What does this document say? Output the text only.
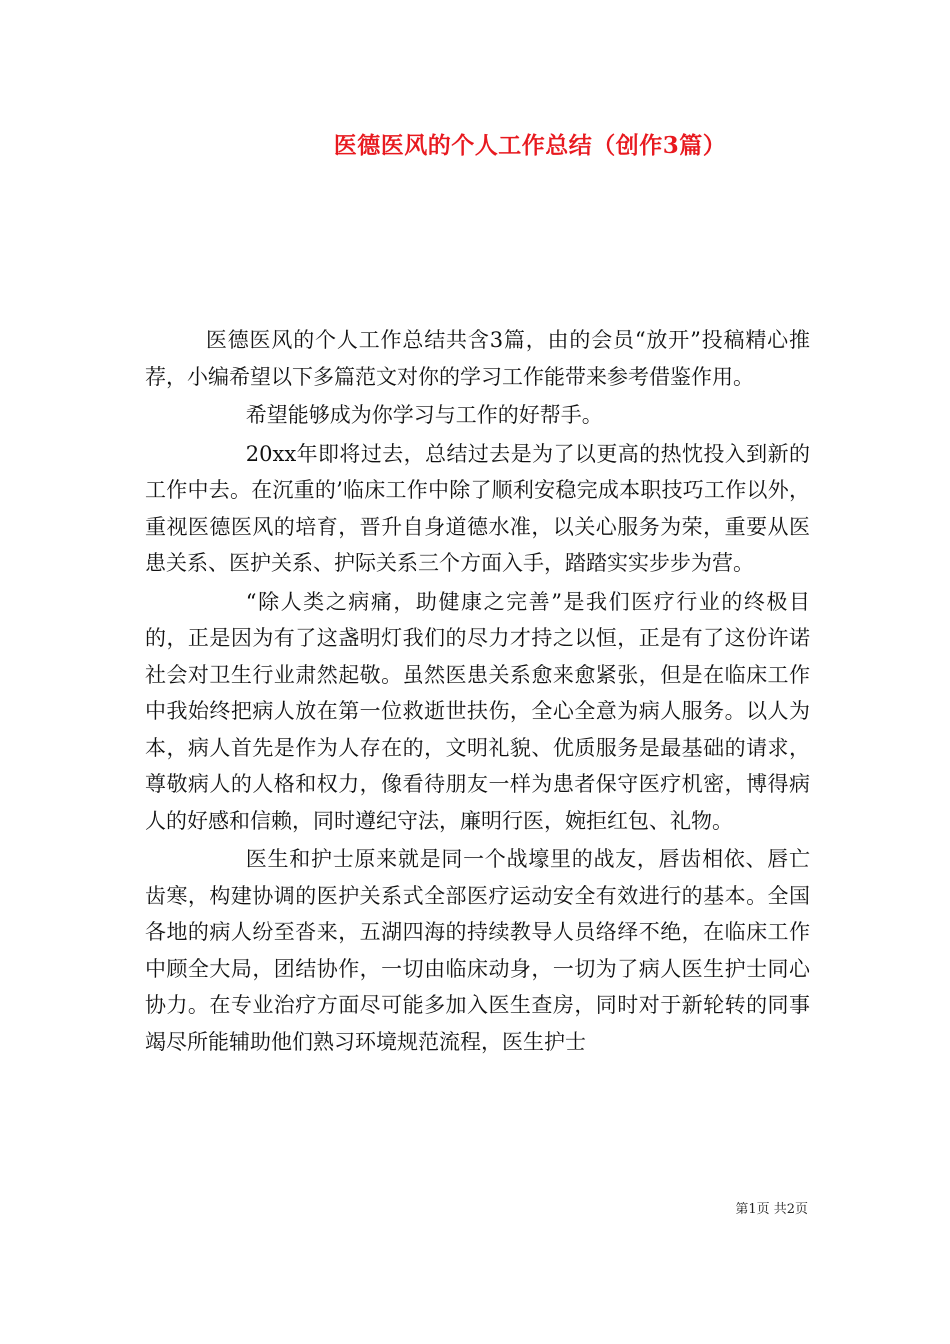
医德医风的个人工作总结（创作3篇）

医德医风的个人工作总结共含3篇，由的会员“放开”投稿精心推荐，小编希望以下多篇范文对你的学习工作能带来参考借鉴作用。

希望能够成为你学习与工作的好帮手。

20xx年即将过去，总结过去是为了以更高的热忱投入到新的工作中去。在沉重的’临床工作中除了顺利安稳完成本职技巧工作以外，重视医德医风的培育，晋升自身道德水准，以关心服务为荣，重要从医患关系、医护关系、护际关系三个方面入手，踏踏实实步步为营。

“除人类之病痛，助健康之完善”是我们医疗行业的终极目的，正是因为有了这盏明灯我们的尽力才持之以恒，正是有了这份许诺社会对卫生行业肃然起敬。虽然医患关系愈来愈紧张，但是在临床工作中我始终把病人放在第一位救逝世扶伤，全心全意为病人服务。以人为本，病人首先是作为人存在的，文明礼貌、优质服务是最基础的请求，尊敬病人的人格和权力，像看待朋友一样为患者保守医疗机密，博得病人的好感和信赖，同时遵纪守法，廉明行医，婉拒红包、礼物。

医生和护士原来就是同一个战壕里的战友，唇齿相依、唇亡齿寒，构建协调的医护关系式全部医疗运动安全有效进行的基本。全国各地的病人纷至沓来，五湖四海的持续教导人员络绎不绝，在临床工作中顾全大局，团结协作，一切由临床动身，一切为了病人医生护士同心协力。在专业治疗方面尽可能多加入医生查房，同时对于新轮转的同事竭尽所能辅助他们熟习环境规范流程，医生护士

第1页 共2页
